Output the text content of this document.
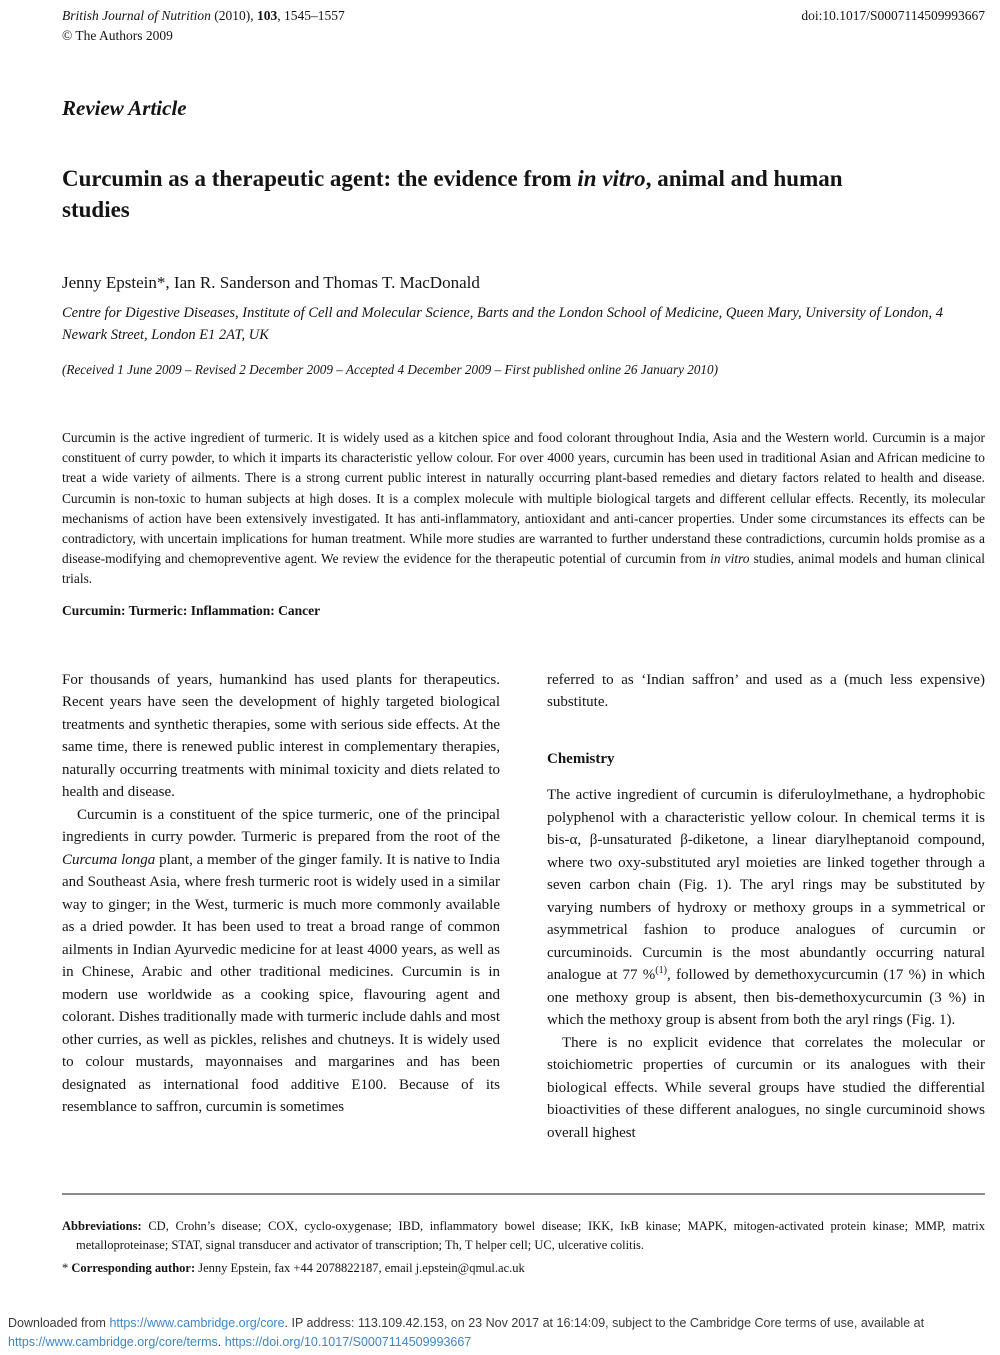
British Journal of Nutrition (2010), 103, 1545–1557
© The Authors 2009
doi:10.1017/S0007114509993667
Review Article
Curcumin as a therapeutic agent: the evidence from in vitro, animal and human studies
Jenny Epstein*, Ian R. Sanderson and Thomas T. MacDonald
Centre for Digestive Diseases, Institute of Cell and Molecular Science, Barts and the London School of Medicine, Queen Mary, University of London, 4 Newark Street, London E1 2AT, UK
(Received 1 June 2009 – Revised 2 December 2009 – Accepted 4 December 2009 – First published online 26 January 2010)

Curcumin is the active ingredient of turmeric. It is widely used as a kitchen spice and food colorant throughout India, Asia and the Western world. Curcumin is a major constituent of curry powder, to which it imparts its characteristic yellow colour. For over 4000 years, curcumin has been used in traditional Asian and African medicine to treat a wide variety of ailments. There is a strong current public interest in naturally occurring plant-based remedies and dietary factors related to health and disease. Curcumin is non-toxic to human subjects at high doses. It is a complex molecule with multiple biological targets and different cellular effects. Recently, its molecular mechanisms of action have been extensively investigated. It has anti-inflammatory, antioxidant and anti-cancer properties. Under some circumstances its effects can be contradictory, with uncertain implications for human treatment. While more studies are warranted to further understand these contradictions, curcumin holds promise as a disease-modifying and chemopreventive agent. We review the evidence for the therapeutic potential of curcumin from in vitro studies, animal models and human clinical trials.

Curcumin: Turmeric: Inflammation: Cancer

For thousands of years, humankind has used plants for therapeutics. Recent years have seen the development of highly targeted biological treatments and synthetic therapies, some with serious side effects. At the same time, there is renewed public interest in complementary therapies, naturally occurring treatments with minimal toxicity and diets related to health and disease.

Curcumin is a constituent of the spice turmeric, one of the principal ingredients in curry powder. Turmeric is prepared from the root of the Curcuma longa plant, a member of the ginger family. It is native to India and Southeast Asia, where fresh turmeric root is widely used in a similar way to ginger; in the West, turmeric is much more commonly available as a dried powder. It has been used to treat a broad range of common ailments in Indian Ayurvedic medicine for at least 4000 years, as well as in Chinese, Arabic and other traditional medicines. Curcumin is in modern use worldwide as a cooking spice, flavouring agent and colorant. Dishes traditionally made with turmeric include dahls and most other curries, as well as pickles, relishes and chutneys. It is widely used to colour mustards, mayonnaises and margarines and has been designated as international food additive E100. Because of its resemblance to saffron, curcumin is sometimes

referred to as ‘Indian saffron’ and used as a (much less expensive) substitute.

Chemistry

The active ingredient of curcumin is diferuloylmethane, a hydrophobic polyphenol with a characteristic yellow colour. In chemical terms it is bis-α, β-unsaturated β-diketone, a linear diarylheptanoid compound, where two oxy-substituted aryl moieties are linked together through a seven carbon chain (Fig. 1). The aryl rings may be substituted by varying numbers of hydroxy or methoxy groups in a symmetrical or asymmetrical fashion to produce analogues of curcumin or curcuminoids. Curcumin is the most abundantly occurring natural analogue at 77 %$^{(1)}$, followed by demethoxycurcumin (17 %) in which one methoxy group is absent, then bis-demethoxycurcumin (3 %) in which the methoxy group is absent from both the aryl rings (Fig. 1).

There is no explicit evidence that correlates the molecular or stoichiometric properties of curcumin or its analogues with their biological effects. While several groups have studied the differential bioactivities of these different analogues, no single curcuminoid shows overall highest

Abbreviations: CD, Crohn’s disease; COX, cyclo-oxygenase; IBD, inflammatory bowel disease; IKK, IκB kinase; MAPK, mitogen-activated protein kinase; MMP, matrix metalloproteinase; STAT, signal transducer and activator of transcription; Th, T helper cell; UC, ulcerative colitis.

* Corresponding author: Jenny Epstein, fax +44 2078822187, email j.epstein@qmul.ac.uk

Downloaded from https://www.cambridge.org/core. IP address: 113.109.42.153, on 23 Nov 2017 at 16:14:09, subject to the Cambridge Core terms of use, available at https://www.cambridge.org/core/terms. https://doi.org/10.1017/S0007114509993667
